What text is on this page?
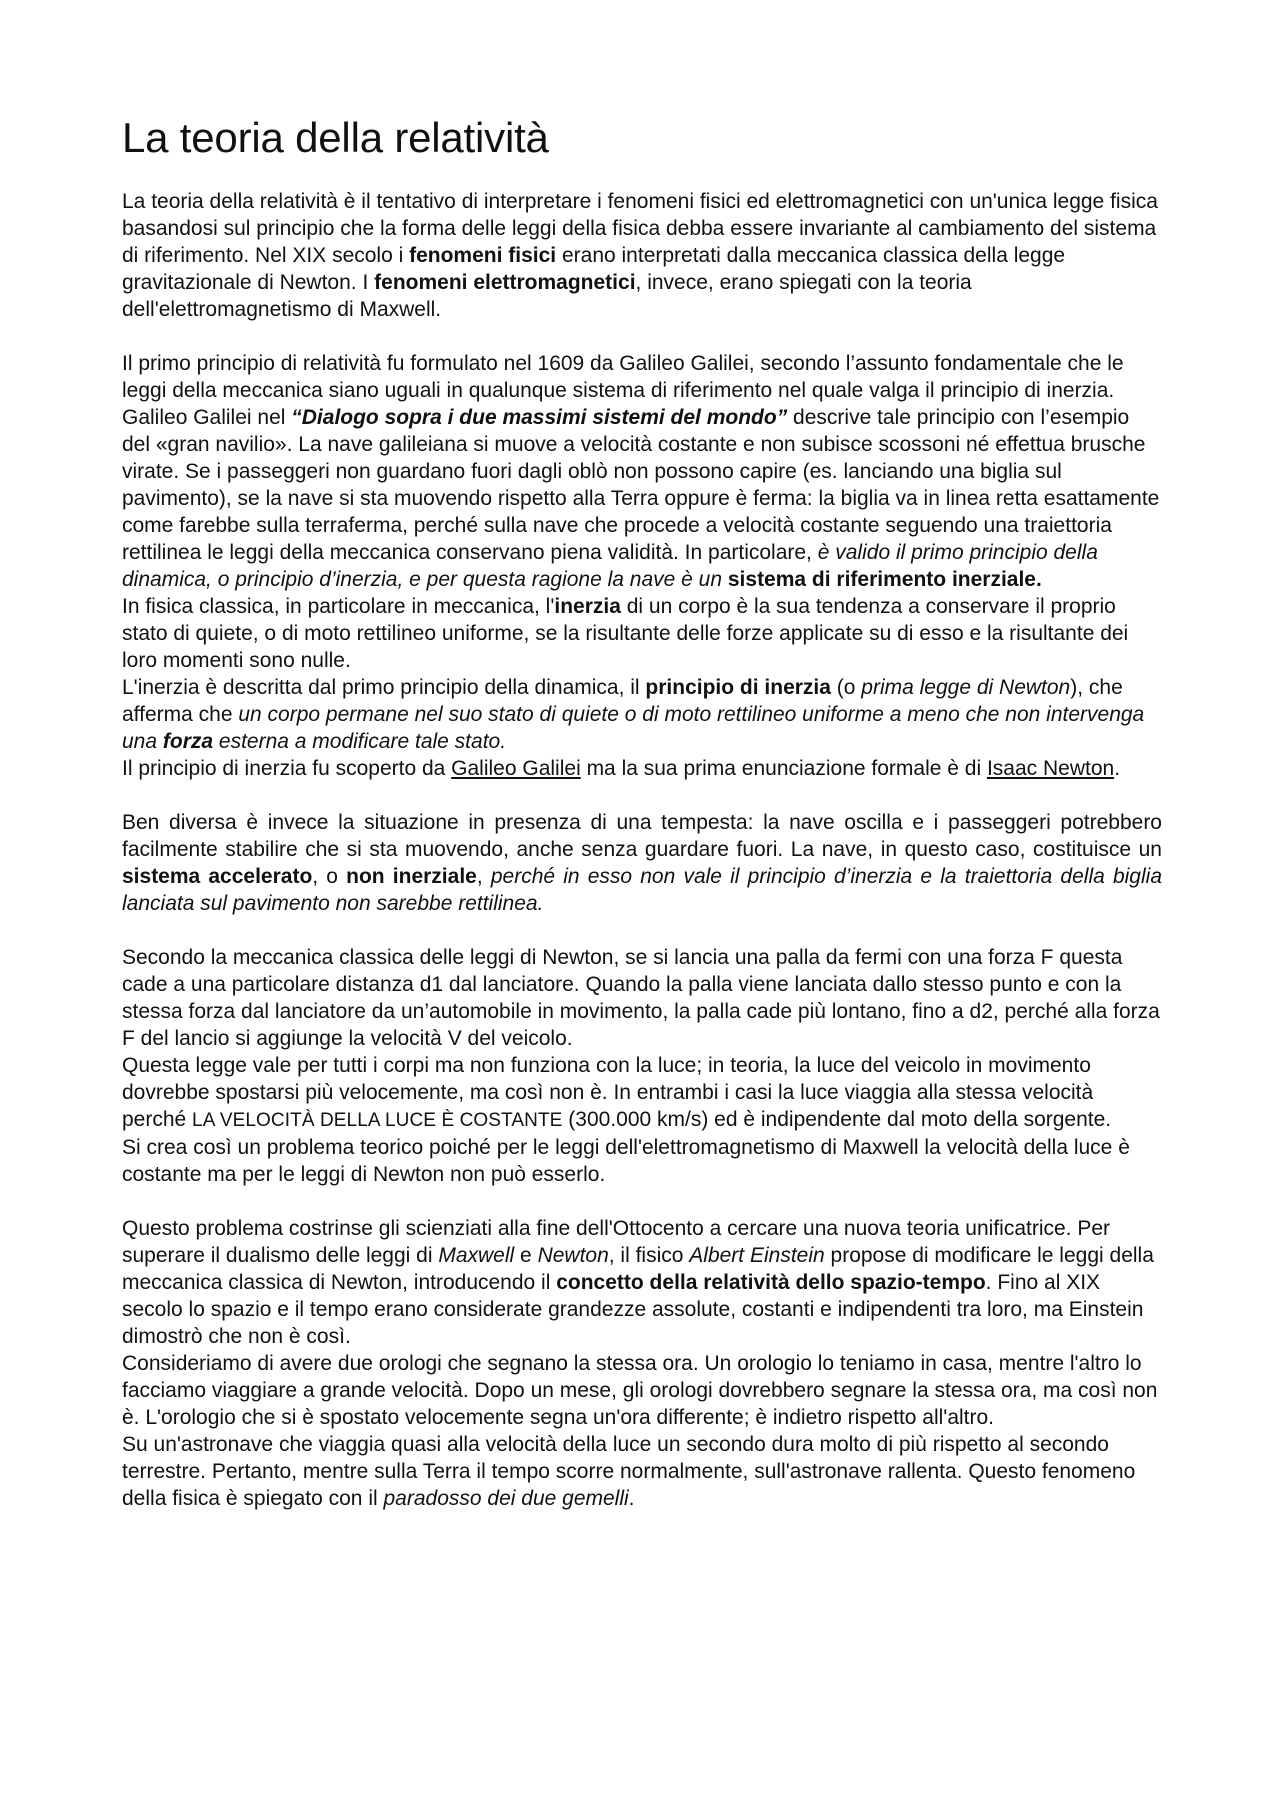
La teoria della relatività

La teoria della relatività è il tentativo di interpretare i fenomeni fisici ed elettromagnetici con un'unica legge fisica basandosi sul principio che la forma delle leggi della fisica debba essere invariante al cambiamento del sistema di riferimento. Nel XIX secolo i fenomeni fisici erano interpretati dalla meccanica classica della legge gravitazionale di Newton. I fenomeni elettromagnetici, invece, erano spiegati con la teoria dell'elettromagnetismo di Maxwell.

Il primo principio di relatività fu formulato nel 1609 da Galileo Galilei, secondo l’assunto fondamentale che le leggi della meccanica siano uguali in qualunque sistema di riferimento nel quale valga il principio di inerzia. Galileo Galilei nel “Dialogo sopra i due massimi sistemi del mondo” descrive tale principio con l’esempio del «gran navilio». La nave galileiana si muove a velocità costante e non subisce scossoni né effettua brusche virate. Se i passeggeri non guardano fuori dagli oblò non possono capire (es. lanciando una biglia sul pavimento), se la nave si sta muovendo rispetto alla Terra oppure è ferma: la biglia va in linea retta esattamente come farebbe sulla terraferma, perché sulla nave che procede a velocità costante seguendo una traiettoria rettilinea le leggi della meccanica conservano piena validità. In particolare, è valido il primo principio della dinamica, o principio d’inerzia, e per questa ragione la nave è un sistema di riferimento inerziale.

In fisica classica, in particolare in meccanica, l'inerzia di un corpo è la sua tendenza a conservare il proprio stato di quiete, o di moto rettilineo uniforme, se la risultante delle forze applicate su di esso e la risultante dei loro momenti sono nulle.

L'inerzia è descritta dal primo principio della dinamica, il principio di inerzia (o prima legge di Newton), che afferma che un corpo permane nel suo stato di quiete o di moto rettilineo uniforme a meno che non intervenga una forza esterna a modificare tale stato.

Il principio di inerzia fu scoperto da Galileo Galilei ma la sua prima enunciazione formale è di Isaac Newton.

Ben diversa è invece la situazione in presenza di una tempesta: la nave oscilla e i passeggeri potrebbero facilmente stabilire che si sta muovendo, anche senza guardare fuori. La nave, in questo caso, costituisce un sistema accelerato, o non inerziale, perché in esso non vale il principio d’inerzia e la traiettoria della biglia lanciata sul pavimento non sarebbe rettilinea.

Secondo la meccanica classica delle leggi di Newton, se si lancia una palla da fermi con una forza F questa cade a una particolare distanza d1 dal lanciatore. Quando la palla viene lanciata dallo stesso punto e con la stessa forza dal lanciatore da un’automobile in movimento, la palla cade più lontano, fino a d2, perché alla forza F del lancio si aggiunge la velocità V del veicolo.

Questa legge vale per tutti i corpi ma non funziona con la luce; in teoria, la luce del veicolo in movimento dovrebbe spostarsi più velocemente, ma così non è. In entrambi i casi la luce viaggia alla stessa velocità perché LA VELOCITÀ DELLA LUCE È COSTANTE (300.000 km/s) ed è indipendente dal moto della sorgente.

Si crea così un problema teorico poiché per le leggi dell'elettromagnetismo di Maxwell la velocità della luce è costante ma per le leggi di Newton non può esserlo.

Questo problema costrinse gli scienziati alla fine dell'Ottocento a cercare una nuova teoria unificatrice. Per superare il dualismo delle leggi di Maxwell e Newton, il fisico Albert Einstein propose di modificare le leggi della meccanica classica di Newton, introducendo il concetto della relatività dello spazio-tempo. Fino al XIX secolo lo spazio e il tempo erano considerate grandezze assolute, costanti e indipendenti tra loro, ma Einstein dimostrò che non è così.

Consideriamo di avere due orologi che segnano la stessa ora. Un orologio lo teniamo in casa, mentre l'altro lo facciamo viaggiare a grande velocità. Dopo un mese, gli orologi dovrebbero segnare la stessa ora, ma così non è. L'orologio che si è spostato velocemente segna un'ora differente; è indietro rispetto all'altro.

Su un'astronave che viaggia quasi alla velocità della luce un secondo dura molto di più rispetto al secondo terrestre. Pertanto, mentre sulla Terra il tempo scorre normalmente, sull'astronave rallenta. Questo fenomeno della fisica è spiegato con il paradosso dei due gemelli.
